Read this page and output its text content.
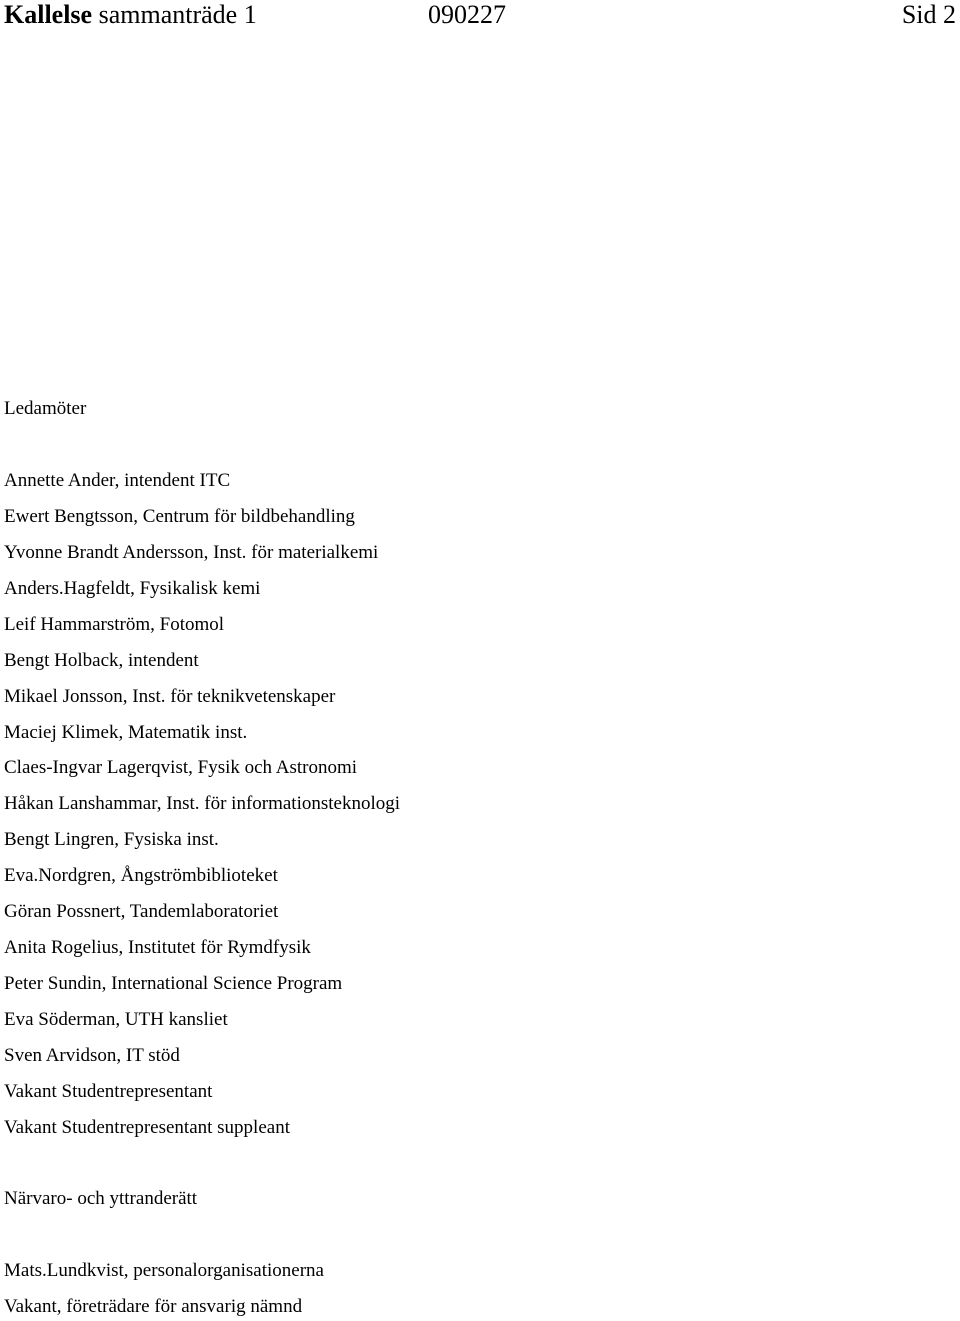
Kallelse sammanträde 1	090227	Sid 2
Ledamöter
Annette Ander, intendent ITC
Ewert Bengtsson, Centrum för bildbehandling
Yvonne Brandt Andersson, Inst. för materialkemi
Anders.Hagfeldt, Fysikalisk kemi
Leif Hammarström, Fotomol
Bengt Holback, intendent
Mikael Jonsson, Inst. för teknikvetenskaper
Maciej Klimek, Matematik inst.
Claes-Ingvar Lagerqvist, Fysik och Astronomi
Håkan Lanshammar, Inst. för informationsteknologi
Bengt Lingren, Fysiska inst.
Eva.Nordgren, Ångströmbiblioteket
Göran Possnert, Tandemlaboratoriet
Anita Rogelius, Institutet för Rymdfysik
Peter Sundin, International Science Program
Eva Söderman, UTH kansliet
Sven Arvidson, IT stöd
Vakant Studentrepresentant
Vakant Studentrepresentant suppleant
Närvaro- och yttranderätt
Mats.Lundkvist, personalorganisationerna
Vakant, företrädare för ansvarig nämnd
